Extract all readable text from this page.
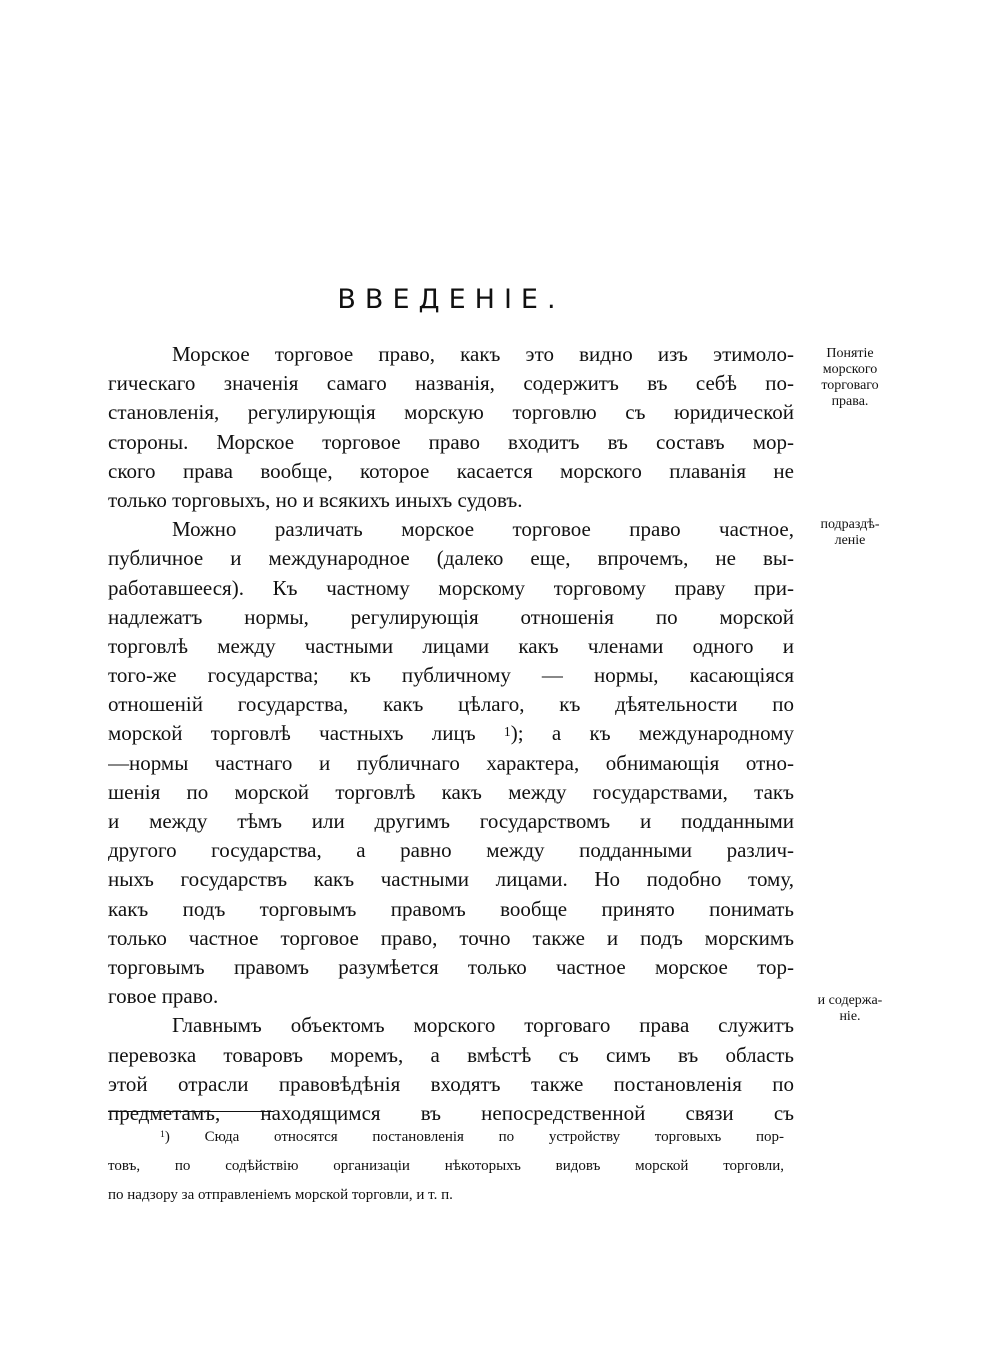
ВВЕДЕНІЕ.

Морское торговое право, какъ это видно изъ этимоло-
гическаго значенія самаго названія, содержитъ въ себѣ по-
становленія, регулирующія морскую торговлю съ юридической
стороны. Морское торговое право входитъ въ составъ мор-
ского права вообще, которое касается морского плаванія не
только торговыхъ, но и всякихъ иныхъ судовъ.

Можно различать морское торговое право частное,
публичное и международное (далеко еще, впрочемъ, не вы-
работавшееся). Къ частному морскому торговому праву при-
надлежатъ нормы, регулирующія отношенія по морской
торговлѣ между частными лицами какъ членами одного и
того-же государства; къ публичному — нормы, касающіяся
отношеній государства, какъ цѣлаго, къ дѣятельности по
морской торговлѣ частныхъ лицъ $^1$); а къ международному
—нормы частнаго и публичнаго характера, обнимающія отно-
шенія по морской торговлѣ какъ между государствами, такъ
и между тѣмъ или другимъ государствомъ и подданными
другого государства, а равно между подданными различ-
ныхъ государствъ какъ частными лицами. Но подобно тому,
какъ подъ торговымъ правомъ вообще принято понимать
только частное торговое право, точно также и подъ морскимъ
торговымъ правомъ разумѣется только частное морское тор-
говое право.

Главнымъ объектомъ морского торговаго права служитъ
перевозка товаровъ моремъ, а вмѣстѣ съ симъ въ область
этой отрасли правовѣдѣнія входятъ также постановленія по
предметамъ, находящимся въ непосредственной связи съ

Понятіе
морского
торговаго
права.
подраздѣ-
леніе
и содержа-
ніе.
$^1$) Сюда относятся постановленія по устройству торговыхъ пор-
товъ, по содѣйствію организаціи нѣкоторыхъ видовъ морской торговли,
по надзору за отправленіемъ морской торговли, и т. п.
